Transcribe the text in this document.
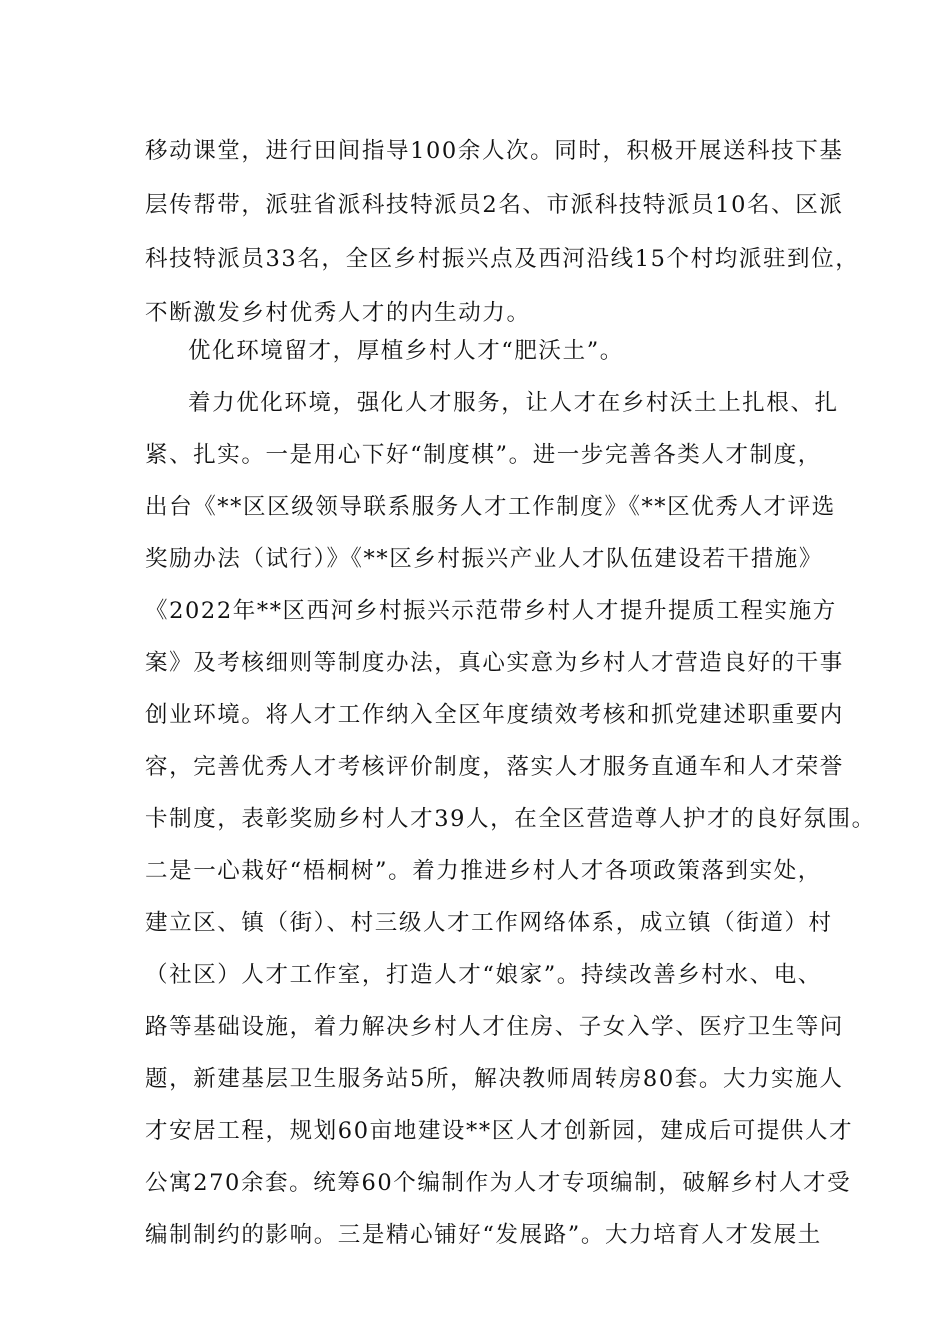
移动课堂，进行田间指导100余人次。同时，积极开展送科技下基
层传帮带，派驻省派科技特派员2名、市派科技特派员10名、区派
科技特派员33名，全区乡村振兴点及西河沿线15个村均派驻到位，
不断激发乡村优秀人才的内生动力。
优化环境留才，厚植乡村人才“肥沃土”。
着力优化环境，强化人才服务，让人才在乡村沃土上扎根、扎
紧、扎实。一是用心下好“制度棋”。进一步完善各类人才制度，
出台《**区区级领导联系服务人才工作制度》《**区优秀人才评选
奖励办法（试行）》《**区乡村振兴产业人才队伍建设若干措施》
《2022年**区西河乡村振兴示范带乡村人才提升提质工程实施方
案》及考核细则等制度办法，真心实意为乡村人才营造良好的干事
创业环境。将人才工作纳入全区年度绩效考核和抓党建述职重要内
容，完善优秀人才考核评价制度，落实人才服务直通车和人才荣誉
卡制度，表彰奖励乡村人才39人，在全区营造尊人护才的良好氛围。
二是一心栽好“梧桐树”。着力推进乡村人才各项政策落到实处，
建立区、镇（街）、村三级人才工作网络体系，成立镇（街道）村
（社区）人才工作室，打造人才“娘家”。持续改善乡村水、电、
路等基础设施，着力解决乡村人才住房、子女入学、医疗卫生等问
题，新建基层卫生服务站5所，解决教师周转房80套。大力实施人
才安居工程，规划60亩地建设**区人才创新园，建成后可提供人才
公寓270余套。统筹60个编制作为人才专项编制，破解乡村人才受
编制制约的影响。三是精心铺好“发展路”。大力培育人才发展土
